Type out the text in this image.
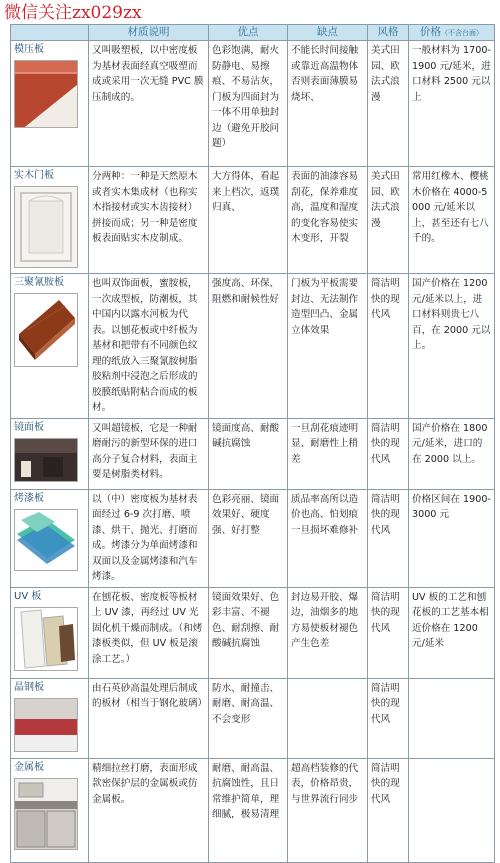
微信关注zx029zx
	材质说明	优点	缺点	风格	价格（不含台面）

模压板	又叫吸塑板，以中密度板为基材表面经真空吸塑而成或采用一次无缝 PVC 膜压制成的。	色彩饱满，耐火防静电、易擦痕、不易沾灰，门板为四面封为一体不用单独封边（避免开胶问题）	不能长时间接触或靠近高温物体否则表面薄膜易烧坏、	美式田园、欧法式浪漫	一般材料为 1700-1900 元/延米，进口材料 2500 元以上

实木门板	分两种：一种是天然原木或者实木集成材（也称实木指接材或实木齿接材）拼接而成；另一种是密度板表面贴实木皮制成。	大方得体，看起来上档次，返璞归真、	表面的油漆容易刮花，保养难度高，温度和湿度的变化容易使实木变形，开裂	美式田园、欧法式浪漫	常用红橡木、樱桃木价格在 4000-5000 元/延米以上，甚至还有七八千的。

三聚氰胺板	也叫双饰面板，蜜胺板，一次成型板，防潮板，其中国内以露水河板为代表。以刨花板或中纤板为基材和把带有不同颜色纹理的纸放入三聚氰胺树脂胶粘剂中浸泡之后形成的胶膜纸贴附粘合而成的板材。	强度高、环保、阻燃和耐候性好	门板为平板需要封边、无法制作造型凹凸、金属立体效果	简洁明快的现代风	国产价格在 1200 元/延米以上，进口材料则贵七八百，在 2000 元以上。

镜面板	又叫超镜板，它是一种耐磨耐污的新型环保的进口高分子复合材料，表面主要是树脂类材料。	镜面度高、耐酸碱抗腐蚀	一旦刮花痕迹明显、耐磨性上稍差	简洁明快的现代风	国产价格在 1800 元/延米，进口的在 2000 以上。

烤漆板	以（中）密度板为基材表面经过 6-9 次打磨、喷漆、烘干、抛光、打磨而成。烤漆分为单面烤漆和双面以及金属烤漆和汽车烤漆。	色彩亮丽、镜面效果好、硬度强、好打整	质品率高所以造价也高、怕划痕一旦损坏难修补	简洁明快的现代风	价格区间在 1900-3000 元

UV 板	在刨花板、密度板等板材上 UV 漆，再经过 UV 光固化机干燥而制成。（和烤漆板类似，但 UV 板是滚涂工艺。）	镜面效果好、色彩丰富、不褪色、耐刮擦、耐酸碱抗腐蚀	封边易开胶、爆边，油烟多的地方易使板材褪色产生色差	简洁明快的现代风	UV 板的工艺和刨花板的工艺基本相近价格在 1200 元/延米

晶钢板	由石英砂高温处理后制成的板材（相当于钢化玻璃）	防水、耐撞击、耐磨、耐高温、不会变形		简洁明快的现代风	

金属板	精细拉丝打磨，表面形成款密保护层的金属板或仿金属板。	耐磨、耐高温、抗腐蚀性，且日常维护简单，理细腻，极易清理	超高档装修的代表，价格昂贵，与世界流行同步	简洁明快的现代风	
